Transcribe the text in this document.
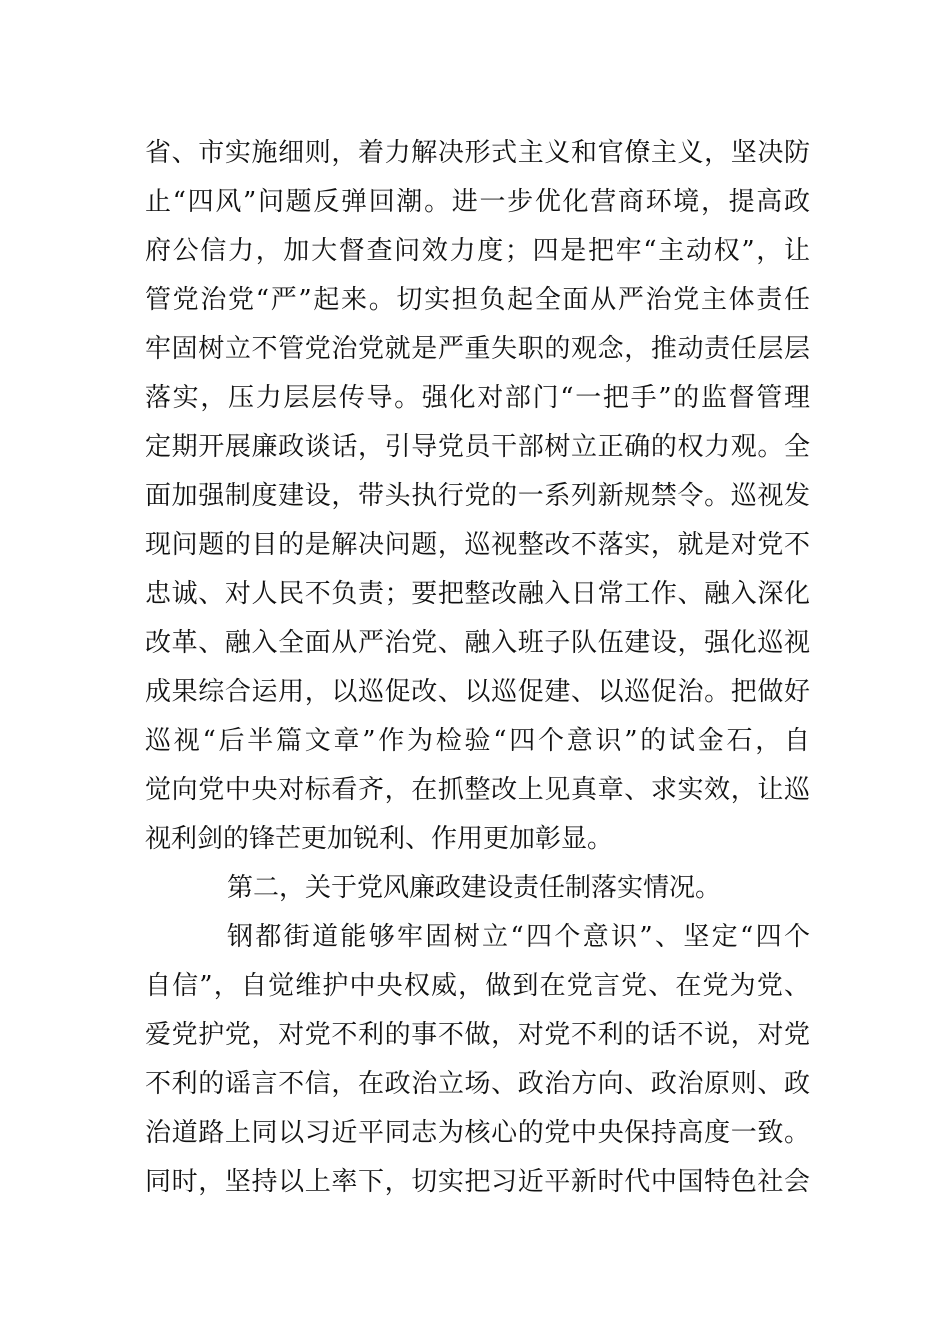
省、市实施细则，着力解决形式主义和官僚主义，坚决防
止“四风”问题反弹回潮。进一步优化营商环境，提高政
府公信力，加大督查问效力度；四是把牢“主动权”，让
管党治党“严”起来。切实担负起全面从严治党主体责任
牢固树立不管党治党就是严重失职的观念，推动责任层层
落实，压力层层传导。强化对部门“一把手”的监督管理
定期开展廉政谈话，引导党员干部树立正确的权力观。全
面加强制度建设，带头执行党的一系列新规禁令。巡视发
现问题的目的是解决问题，巡视整改不落实，就是对党不
忠诚、对人民不负责；要把整改融入日常工作、融入深化
改革、融入全面从严治党、融入班子队伍建设，强化巡视
成果综合运用，以巡促改、以巡促建、以巡促治。把做好
巡视“后半篇文章”作为检验“四个意识”的试金石，自
觉向党中央对标看齐，在抓整改上见真章、求实效，让巡
视利剑的锋芒更加锐利、作用更加彰显。
第二，关于党风廉政建设责任制落实情况。
钢都街道能够牢固树立“四个意识”、坚定“四个
自信”，自觉维护中央权威，做到在党言党、在党为党、
爱党护党，对党不利的事不做，对党不利的话不说，对党
不利的谣言不信，在政治立场、政治方向、政治原则、政
治道路上同以习近平同志为核心的党中央保持高度一致。
同时，坚持以上率下，切实把习近平新时代中国特色社会
